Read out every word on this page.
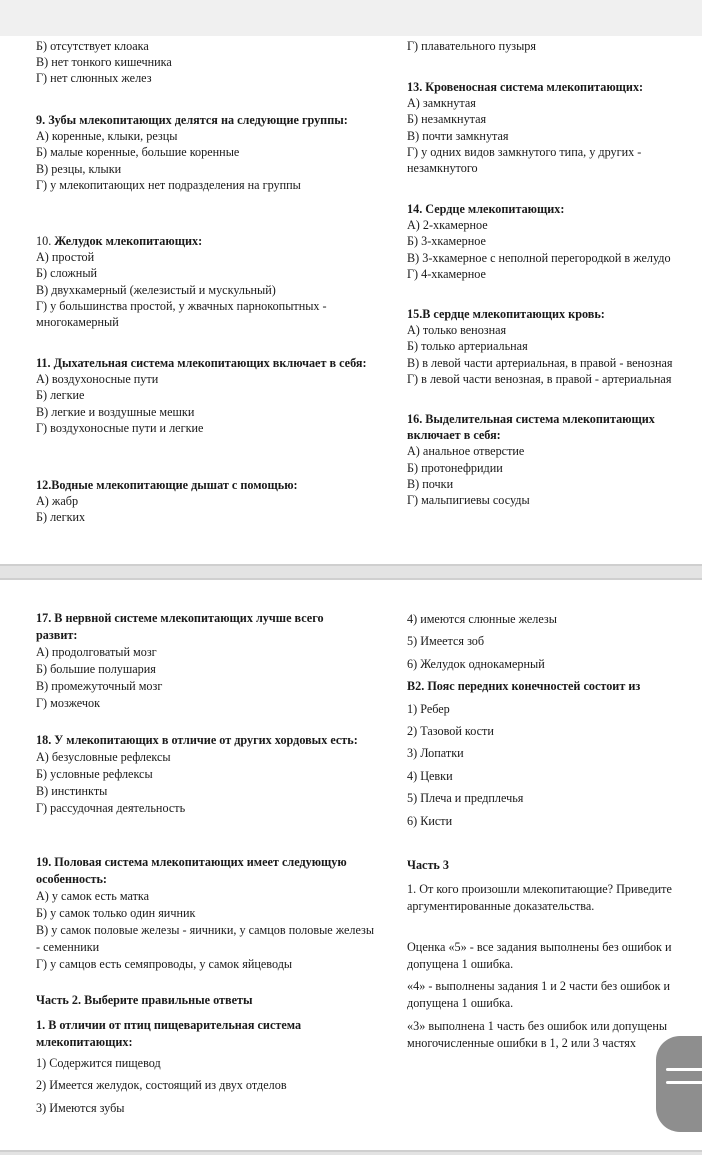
Б) отсутствует клоака
В) нет тонкого кишечника
Г) нет слюнных желез
9. Зубы млекопитающих делятся на следующие группы:
А) коренные, клыки, резцы
Б) малые коренные, большие коренные
В) резцы, клыки
Г) у млекопитающих нет подразделения на группы
10. Желудок млекопитающих:
А) простой
Б) сложный
В) двухкамерный (железистый и мускульный)
Г) у большинства простой, у жвачных парнокопытных - многокамерный
11. Дыхательная система млекопитающих включает в себя:
А) воздухоносные пути
Б) легкие
В) легкие и воздушные мешки
Г) воздухоносные пути и легкие
12.Водные млекопитающие дышат с помощью:
А) жабр
Б) легких
Г) плавательного пузыря
13. Кровеносная система млекопитающих:
А) замкнутая
Б) незамкнутая
В) почти замкнутая
Г) у одних видов замкнутого типа, у других - незамкнутого
14. Сердце млекопитающих:
А) 2-хкамерное
Б) 3-хкамерное
В) 3-хкамерное с неполной перегородкой в желудо
Г) 4-хкамерное
15.В сердце млекопитающих кровь:
А) только венозная
Б) только артериальная
В) в левой части артериальная, в правой - венозная
Г) в левой части венозная, в правой - артериальная
16. Выделительная система млекопитающих включает в себя:
А) анальное отверстие
Б) протонефридии
В) почки
Г) мальпигиевы сосуды
17. В нервной системе млекопитающих лучше всего развит:
А) продолговатый мозг
Б) большие полушария
В) промежуточный мозг
Г) мозжечок
18. У млекопитающих в отличие от других хордовых есть:
А) безусловные рефлексы
Б) условные рефлексы
В) инстинкты
Г) рассудочная деятельность
19. Половая система млекопитающих имеет следующую особенность:
А) у самок есть матка
Б) у самок только один яичник
В) у самок половые железы - яичники, у самцов половые железы - семенники
Г) у самцов есть семяпроводы, у самок яйцеводы
Часть 2. Выберите правильные ответы
1. В отличии от птиц пищеварительная система млекопитающих:
1) Содержится пищевод
2) Имеется желудок, состоящий из двух отделов
3) Имеются зубы
4) имеются слюнные железы
5) Имеется зоб
6) Желудок однокамерный
В2. Пояс передних конечностей состоит из
1) Ребер
2) Тазовой кости
3) Лопатки
4) Цевки
5) Плеча и предплечья
6) Кисти
Часть 3
1. От кого произошли млекопитающие? Приведите аргументированные доказательства.
Оценка «5» - все задания выполнены без ошибок и допущена 1 ошибка.
«4» - выполнены задания 1 и 2 части без ошибок и допущена 1 ошибка.
«3» выполнена 1 часть без ошибок или допущены многочисленные ошибки в 1, 2 или 3 частях
